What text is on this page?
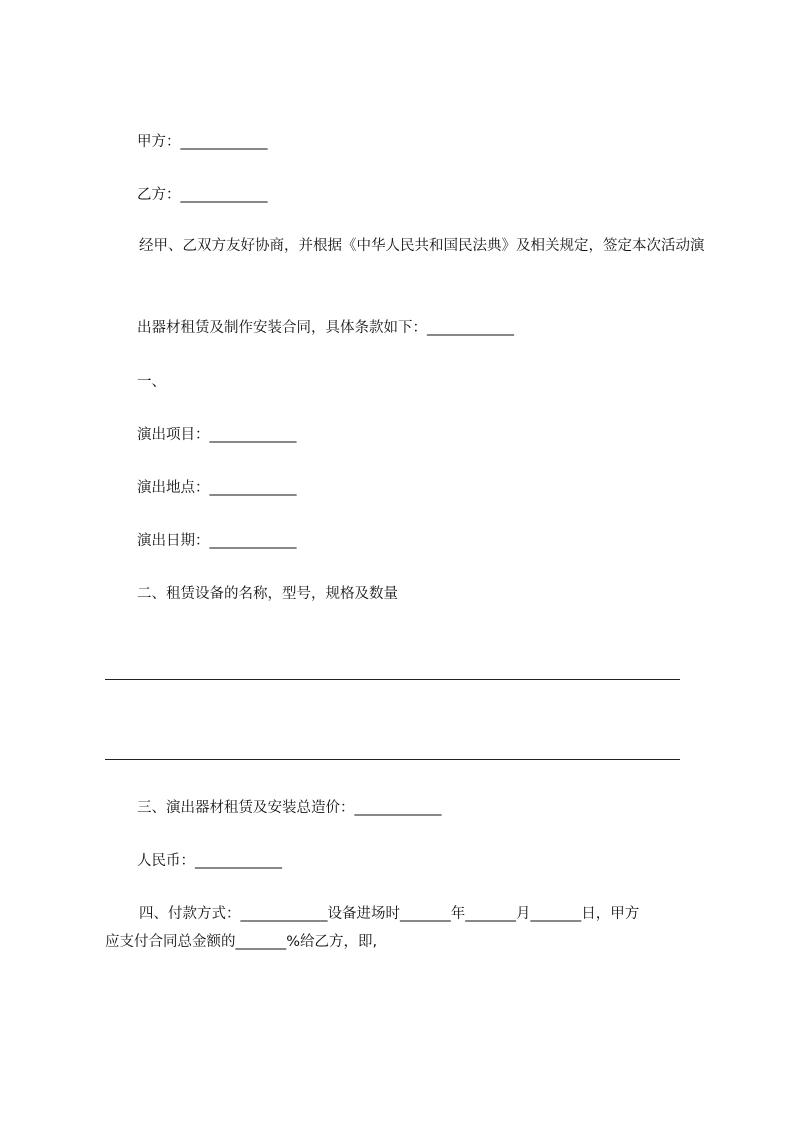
甲方：____________
乙方：____________
经甲、乙双方友好协商，并根据《中华人民共和国民法典》及相关规定，签定本次活动演
出器材租赁及制作安装合同，具体条款如下：____________
一、
演出项目：____________
演出地点：____________
演出日期：____________
二、租赁设备的名称，型号，规格及数量
三、演出器材租赁及安装总造价：____________
人民币：____________
四、付款方式：____________设备进场时_______年_______月_______日，甲方
应支付合同总金额的_______%给乙方，即,
